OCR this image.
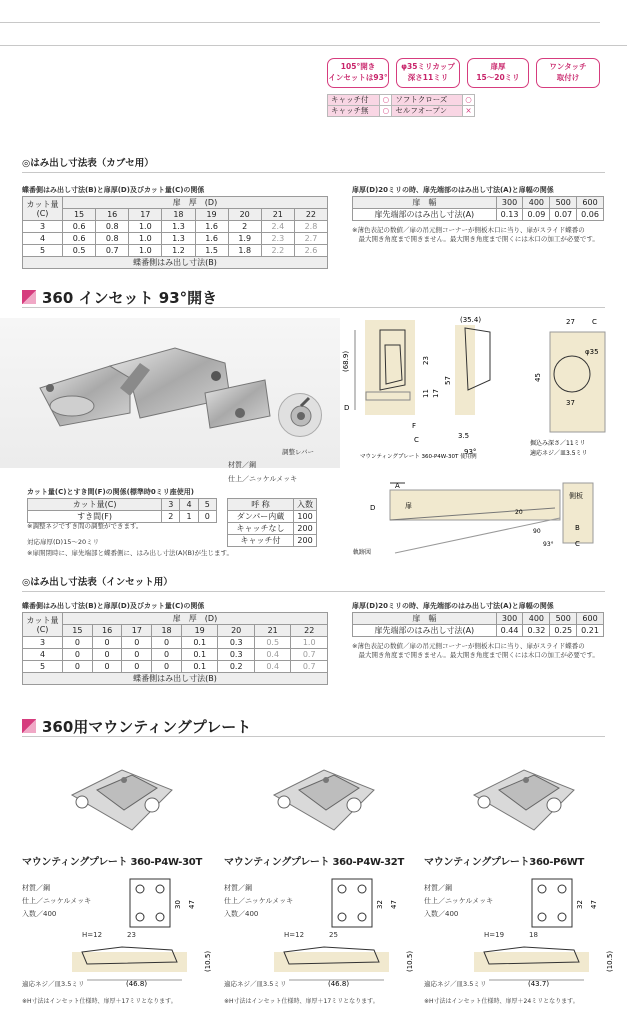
105°開き
インセットは93°
φ35ミリカップ
深さ11ミリ
扉厚
15〜20ミリ
ワンタッチ
取付け
キャッチ付	○	ソフトクローズ	○
キャッチ無	○	セルフオープン	×
◎はみ出し寸法表（カブセ用）
蝶番側はみ出し寸法(B)と扉厚(D)及びカット量(C)の関係
カット量
(C)	扉　厚　(D)							
	15	16	17	18	19	20	21	22
3	0.6	0.8	1.0	1.3	1.6	2	2.4	2.8
4	0.6	0.8	1.0	1.3	1.6	1.9	2.3	2.7
5	0.5	0.7	1.0	1.2	1.5	1.8	2.2	2.6
蝶番側はみ出し寸法(B)								
扉厚(D)20ミリの時、扉先端部のはみ出し寸法(A)と扉幅の関係
扉　幅	300	400	500	600
扉先端部のはみ出し寸法(A)	0.13	0.09	0.07	0.06
※薄色表記の数値／扉の吊元側コーナーが側板木口に当り、扉がスライド蝶番の
　最大開き角度まで開きません。最大開き角度まで開くには木口の加工が必要です。
360 インセット 93°開き
調整レバー
(68.9)	23
11 17
D
F
C
マウンティングプレート 360-P4W-30T 使用例
(35.4)
57
3.5
93°
27 C
φ35
45
37
掘込み深さ／11ミリ
適応ネジ／皿3.5ミリ
材質／鋼
仕上／ニッケルメッキ
呼 称	入数
ダンパー内蔵	100
キャッチなし	200
キャッチ付	200
カット量(C)とすき間(F)の関係(標準時0ミリ座使用)
カット量(C)	3	4	5
すき間(F)	2	1	0
※調整ネジですき間の調整ができます。
対応扉厚(D)15〜20ミリ
※扉開閉時に、扉先端部と蝶番側に、はみ出し寸法(A)(B)が生じます。
A
D	扉
側板
B
C
20
90
93°
軌跡図
◎はみ出し寸法表（インセット用）
蝶番側はみ出し寸法(B)と扉厚(D)及びカット量(C)の関係
カット量
(C)	扉　厚　(D)							
	15	16	17	18	19	20	21	22
3	0	0	0	0	0.1	0.3	0.5	1.0
4	0	0	0	0	0.1	0.3	0.4	0.7
5	0	0	0	0	0.1	0.2	0.4	0.7
蝶番側はみ出し寸法(B)								
扉厚(D)20ミリの時、扉先端部のはみ出し寸法(A)と扉幅の関係
扉　幅	300	400	500	600
扉先端部のはみ出し寸法(A)	0.44	0.32	0.25	0.21
※薄色表記の数値／扉の吊元側コーナーが側板木口に当り、扉がスライド蝶番の
　最大開き角度まで開きません。最大開き角度まで開くには木口の加工が必要です。
360用マウンティングプレート
マウンティングプレート 360-P4W-30T
材質／鋼
仕上／ニッケルメッキ
入数／400
30 47
H=12	23
(46.8)
(10.5)
適応ネジ／皿3.5ミリ
※H寸法はインセット仕様時、扉厚＋17ミリとなります。
マウンティングプレート 360-P4W-32T
材質／鋼
仕上／ニッケルメッキ
入数／400
32 47
H=12	25
(46.8)
(10.5)
適応ネジ／皿3.5ミリ
※H寸法はインセット仕様時、扉厚＋17ミリとなります。
マウンティングプレート360-P6WT
材質／鋼
仕上／ニッケルメッキ
入数／400
32 47
H=19	18
(43.7)
(10.5)
適応ネジ／皿3.5ミリ
※H寸法はインセット仕様時、扉厚＋24ミリとなります。
